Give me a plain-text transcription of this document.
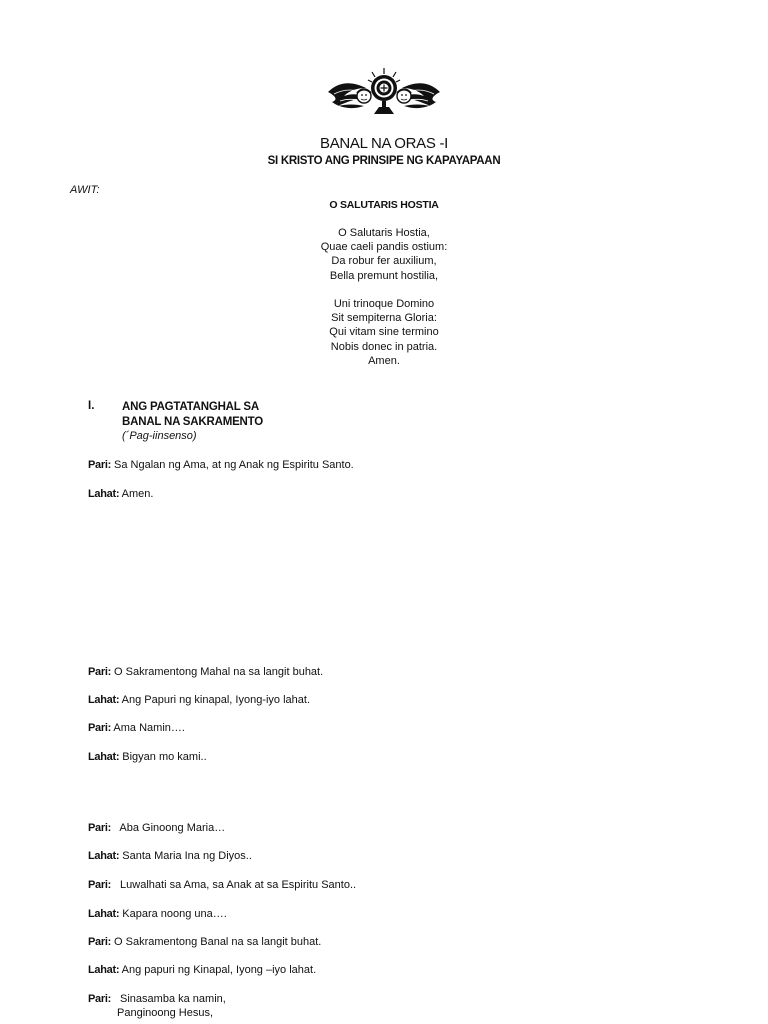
BANAL NA ORAS -I
SI KRISTO ANG PRINSIPE NG KAPAYAPAAN
AWIT:
O SALUTARIS HOSTIA
O Salutaris Hostia,
Quae caeli pandis ostium:
Da robur fer auxilium,
Bella premunt hostilia,
Uni trinoque Domino
Sit sempiterna Gloria:
Qui vitam sine termino
Nobis donec in patria.
Amen.
I. ANG PAGTATANGHAL SA
BANAL NA SAKRAMENTO
(´Pag-iinsenso)
Pari: Sa Ngalan ng Ama, at ng Anak ng Espiritu Santo.
Lahat: Amen.
Pari: O Sakramentong Mahal na sa langit buhat.
Lahat: Ang Papuri ng kinapal, Iyong-iyo lahat.
Pari: Ama Namin….
Lahat: Bigyan mo kami..
Pari: Aba Ginoong Maria…
Lahat: Santa Maria Ina ng Diyos..
Pari: Luwalhati sa Ama, sa Anak at sa Espiritu Santo..
Lahat: Kapara noong una….
Pari: O Sakramentong Banal na sa langit buhat.
Lahat: Ang papuri ng Kinapal, Iyong –iyo lahat.
Pari: Sinasamba ka namin,
Panginoong Hesus,
